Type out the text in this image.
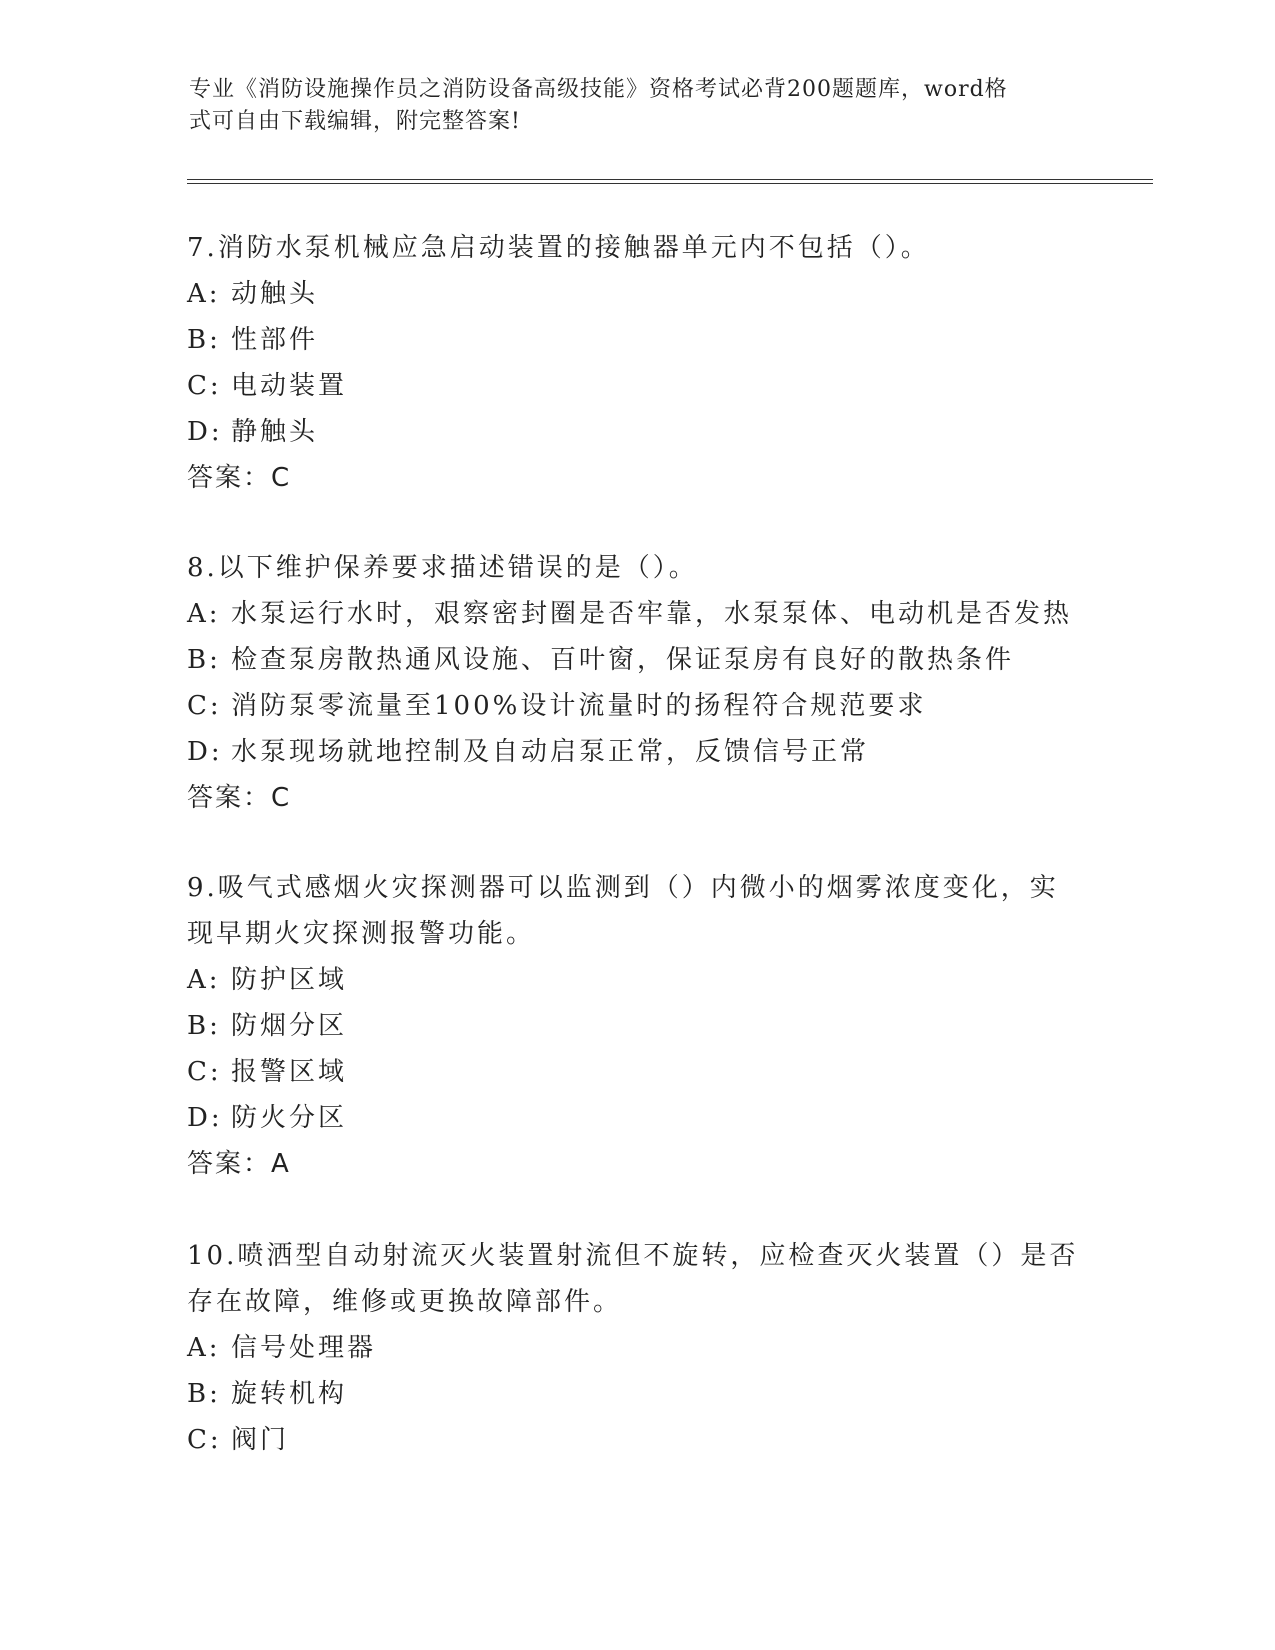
专业《消防设施操作员之消防设备高级技能》资格考试必背200题题库，word格
式可自由下载编辑，附完整答案!
7.消防水泵机械应急启动装置的接触器单元内不包括（）。
A: 动触头
B: 性部件
C: 电动装置
D: 静触头
答案：C
8.以下维护保养要求描述错误的是（）。
A: 水泵运行水时，艰察密封圈是否牢靠，水泵泵体、电动机是否发热
B: 检查泵房散热通风设施、百叶窗，保证泵房有良好的散热条件
C: 消防泵零流量至100%设计流量时的扬程符合规范要求
D: 水泵现场就地控制及自动启泵正常，反馈信号正常
答案：C
9.吸气式感烟火灾探测器可以监测到（）内微小的烟雾浓度变化，实
现早期火灾探测报警功能。
A: 防护区域
B: 防烟分区
C: 报警区域
D: 防火分区
答案：A
10.喷洒型自动射流灭火装置射流但不旋转，应检查灭火装置（）是否
存在故障，维修或更换故障部件。
A: 信号处理器
B: 旋转机构
C: 阀门
